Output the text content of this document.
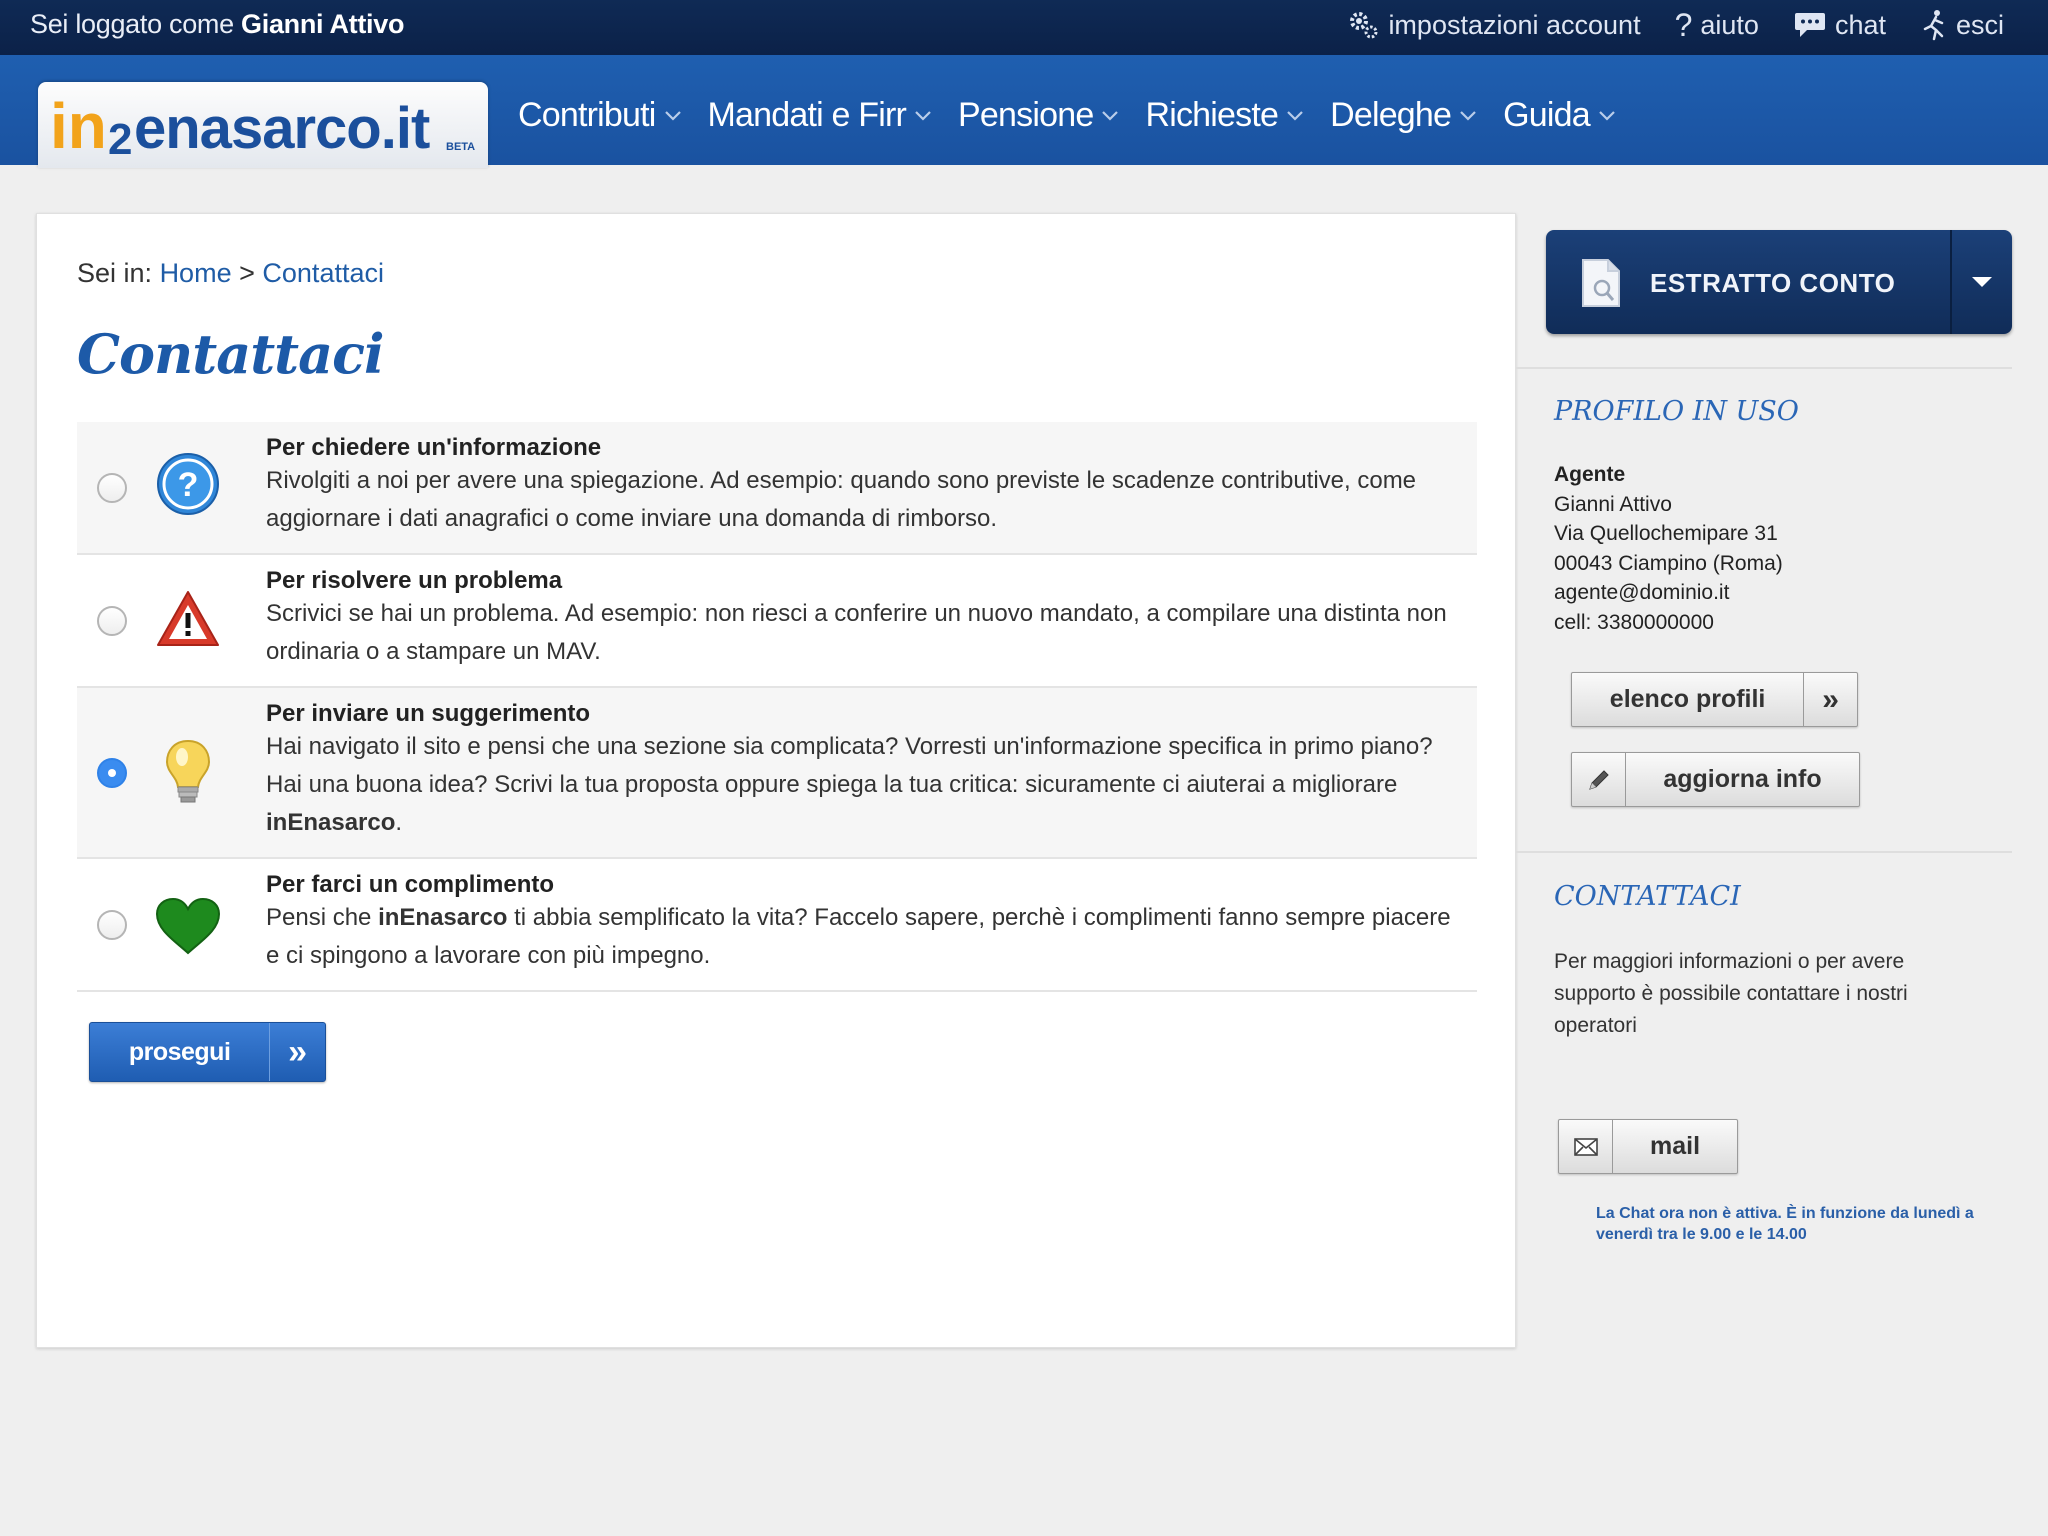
Sei loggato come Gianni Attivo	impostazioni account ? aiuto	chat	esci
in 2 enasarco.it BETA
Contributi Mandati e Firr Pensione Richieste Deleghe Guida
Sei in: Home > Contattaci
Contattaci
?
Per chiedere un'informazione
Rivolgiti a noi per avere una spiegazione. Ad esempio: quando sono previste le scadenze contributive, come aggiornare i dati anagrafici o come inviare una domanda di rimborso.
Per risolvere un problema
Scrivici se hai un problema. Ad esempio: non riesci a conferire un nuovo mandato, a compilare una distinta non ordinaria o a stampare un MAV.
Per inviare un suggerimento
Hai navigato il sito e pensi che una sezione sia complicata? Vorresti un'informazione specifica in primo piano? Hai una buona idea? Scrivi la tua proposta oppure spiega la tua critica: sicuramente ci aiuterai a migliorare inEnasarco.
Per farci un complimento
Pensi che inEnasarco ti abbia semplificato la vita? Faccelo sapere, perchè i complimenti fanno sempre piacere e ci spingono a lavorare con più impegno.
prosegui	»
ESTRATTO CONTO
PROFILO IN USO
Agente
Gianni Attivo
Via Quellochemipare 31
00043 Ciampino (Roma)
agente@dominio.it
cell: 3380000000
elenco profili	»
aggiorna info
CONTATTACI
Per maggiori informazioni o per avere supporto è possibile contattare i nostri operatori
mail
La Chat ora non è attiva. È in funzione da lunedì a venerdì tra le 9.00 e le 14.00
